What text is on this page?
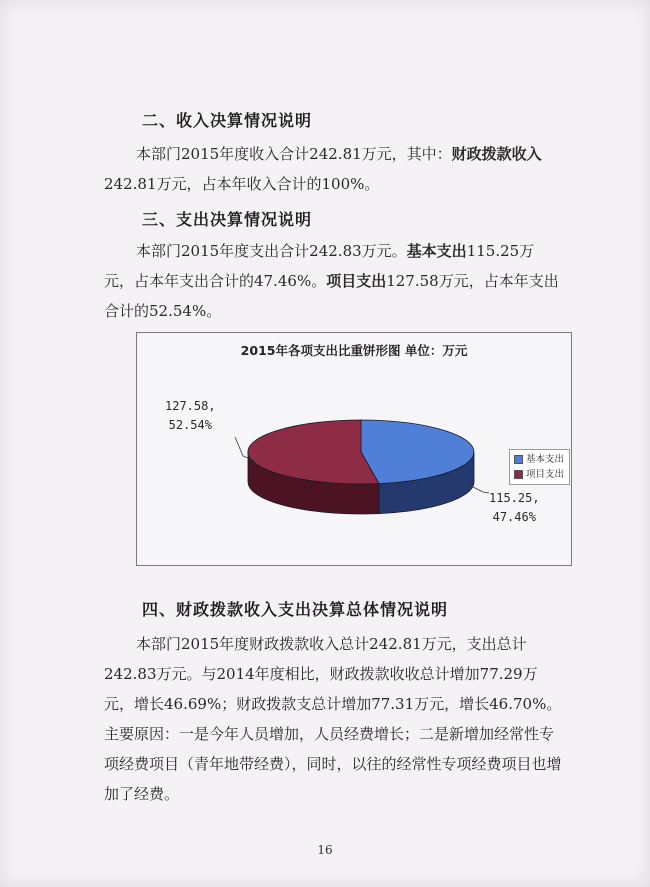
二、收入决算情况说明

本部门2015年度收入合计242.81万元，其中：财政拨款收入242.81万元，占本年收入合计的100%。

三、支出决算情况说明

本部门2015年度支出合计242.83万元。基本支出115.25万元，占本年支出合计的47.46%。项目支出127.58万元，占本年支出合计的52.54%。

2015年各项支出比重饼形图 单位：万元
127.58,
52.54%
115.25,
47.46%
基本支出
项目支出
四、财政拨款收入支出决算总体情况说明

本部门2015年度财政拨款收入总计242.81万元，支出总计242.83万元。与2014年度相比，财政拨款收收总计增加77.29万元，增长46.69%；财政拨款支总计增加77.31万元，增长46.70%。主要原因：一是今年人员增加，人员经费增长；二是新增加经常性专项经费项目（青年地带经费），同时，以往的经常性专项经费项目也增加了经费。

16
